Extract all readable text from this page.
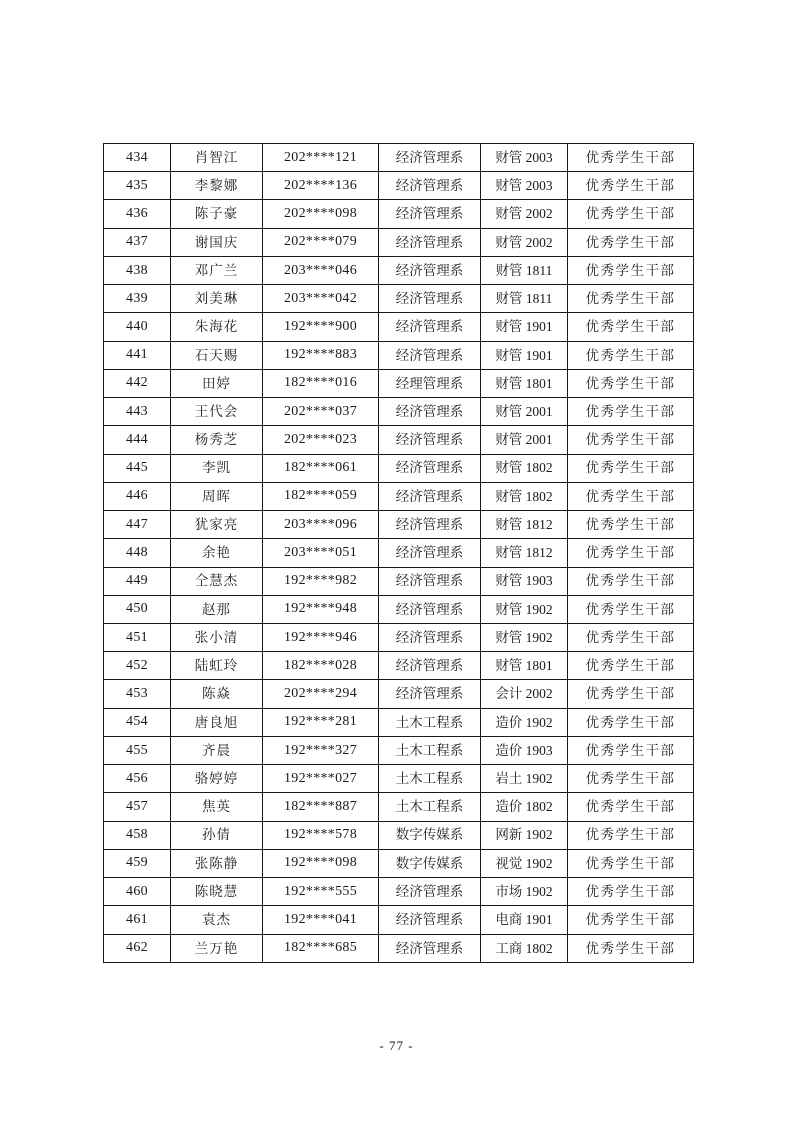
434	肖智江	202****121	经济管理系	财管 2003	优秀学生干部
435	李黎娜	202****136	经济管理系	财管 2003	优秀学生干部
436	陈子豪	202****098	经济管理系	财管 2002	优秀学生干部
437	谢国庆	202****079	经济管理系	财管 2002	优秀学生干部
438	邓广兰	203****046	经济管理系	财管 1811	优秀学生干部
439	刘美琳	203****042	经济管理系	财管 1811	优秀学生干部
440	朱海花	192****900	经济管理系	财管 1901	优秀学生干部
441	石天赐	192****883	经济管理系	财管 1901	优秀学生干部
442	田婷	182****016	经理管理系	财管 1801	优秀学生干部
443	王代会	202****037	经济管理系	财管 2001	优秀学生干部
444	杨秀芝	202****023	经济管理系	财管 2001	优秀学生干部
445	李凯	182****061	经济管理系	财管 1802	优秀学生干部
446	周晖	182****059	经济管理系	财管 1802	优秀学生干部
447	犹家亮	203****096	经济管理系	财管 1812	优秀学生干部
448	余艳	203****051	经济管理系	财管 1812	优秀学生干部
449	仝慧杰	192****982	经济管理系	财管 1903	优秀学生干部
450	赵那	192****948	经济管理系	财管 1902	优秀学生干部
451	张小清	192****946	经济管理系	财管 1902	优秀学生干部
452	陆虹玲	182****028	经济管理系	财管 1801	优秀学生干部
453	陈焱	202****294	经济管理系	会计 2002	优秀学生干部
454	唐良旭	192****281	土木工程系	造价 1902	优秀学生干部
455	齐晨	192****327	土木工程系	造价 1903	优秀学生干部
456	骆婷婷	192****027	土木工程系	岩土 1902	优秀学生干部
457	焦英	182****887	土木工程系	造价 1802	优秀学生干部
458	孙倩	192****578	数字传媒系	网新 1902	优秀学生干部
459	张陈静	192****098	数字传媒系	视觉 1902	优秀学生干部
460	陈晓慧	192****555	经济管理系	市场 1902	优秀学生干部
461	袁杰	192****041	经济管理系	电商 1901	优秀学生干部
462	兰万艳	182****685	经济管理系	工商 1802	优秀学生干部
- 77 -
